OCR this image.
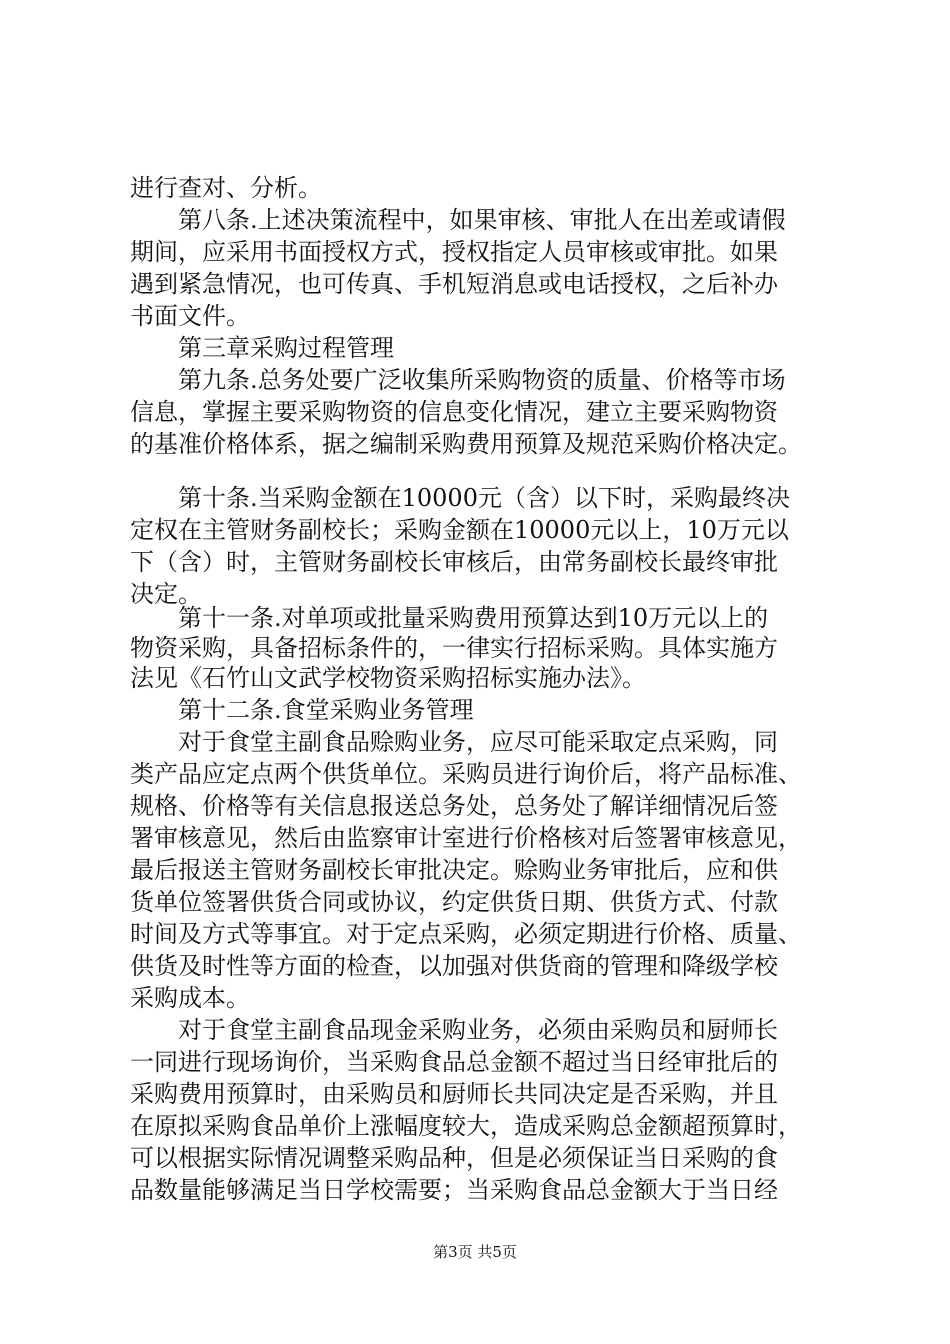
进行查对、分析。
第八条.上述决策流程中，如果审核、审批人在出差或请假
期间，应采用书面授权方式，授权指定人员审核或审批。如果
遇到紧急情况，也可传真、手机短消息或电话授权，之后补办
书面文件。
第三章采购过程管理
第九条.总务处要广泛收集所采购物资的质量、价格等市场
信息，掌握主要采购物资的信息变化情况，建立主要采购物资
的基准价格体系，据之编制采购费用预算及规范采购价格决定。
第十条.当采购金额在10000元（含）以下时，采购最终决
定权在主管财务副校长；采购金额在10000元以上，10万元以
下（含）时，主管财务副校长审核后，由常务副校长最终审批
决定。
第十一条.对单项或批量采购费用预算达到10万元以上的
物资采购，具备招标条件的，一律实行招标采购。具体实施方
法见《石竹山文武学校物资采购招标实施办法》。
第十二条.食堂采购业务管理
对于食堂主副食品赊购业务，应尽可能采取定点采购，同
类产品应定点两个供货单位。采购员进行询价后，将产品标准、
规格、价格等有关信息报送总务处，总务处了解详细情况后签
署审核意见，然后由监察审计室进行价格核对后签署审核意见，
最后报送主管财务副校长审批决定。赊购业务审批后，应和供
货单位签署供货合同或协议，约定供货日期、供货方式、付款
时间及方式等事宜。对于定点采购，必须定期进行价格、质量、
供货及时性等方面的检查，以加强对供货商的管理和降级学校
采购成本。
对于食堂主副食品现金采购业务，必须由采购员和厨师长
一同进行现场询价，当采购食品总金额不超过当日经审批后的
采购费用预算时，由采购员和厨师长共同决定是否采购，并且
在原拟采购食品单价上涨幅度较大，造成采购总金额超预算时，
可以根据实际情况调整采购品种，但是必须保证当日采购的食
品数量能够满足当日学校需要；当采购食品总金额大于当日经
第3页 共5页
